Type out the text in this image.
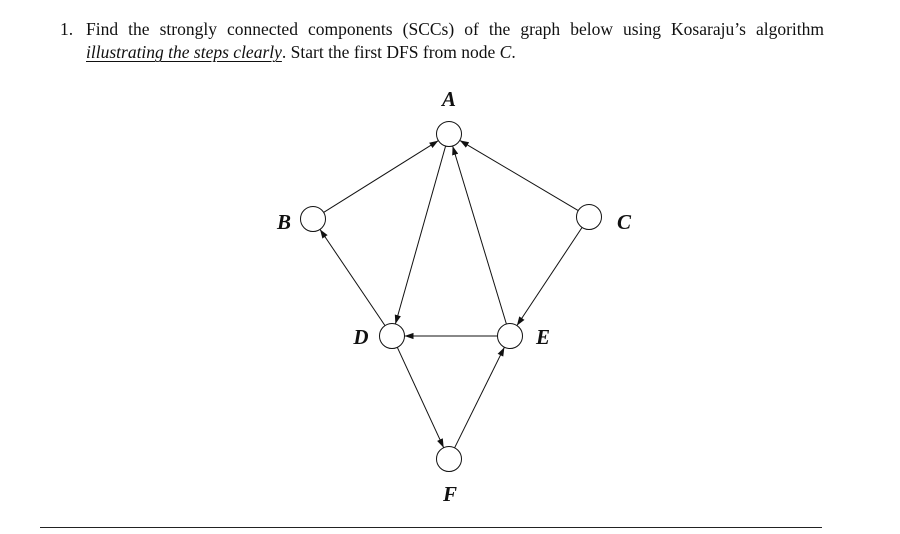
1. Find the strongly connected components (SCCs) of the graph below using Kosaraju’s algorithm
illustrating the steps clearly. Start the first DFS from node C.
A
B	C
D	E
F
